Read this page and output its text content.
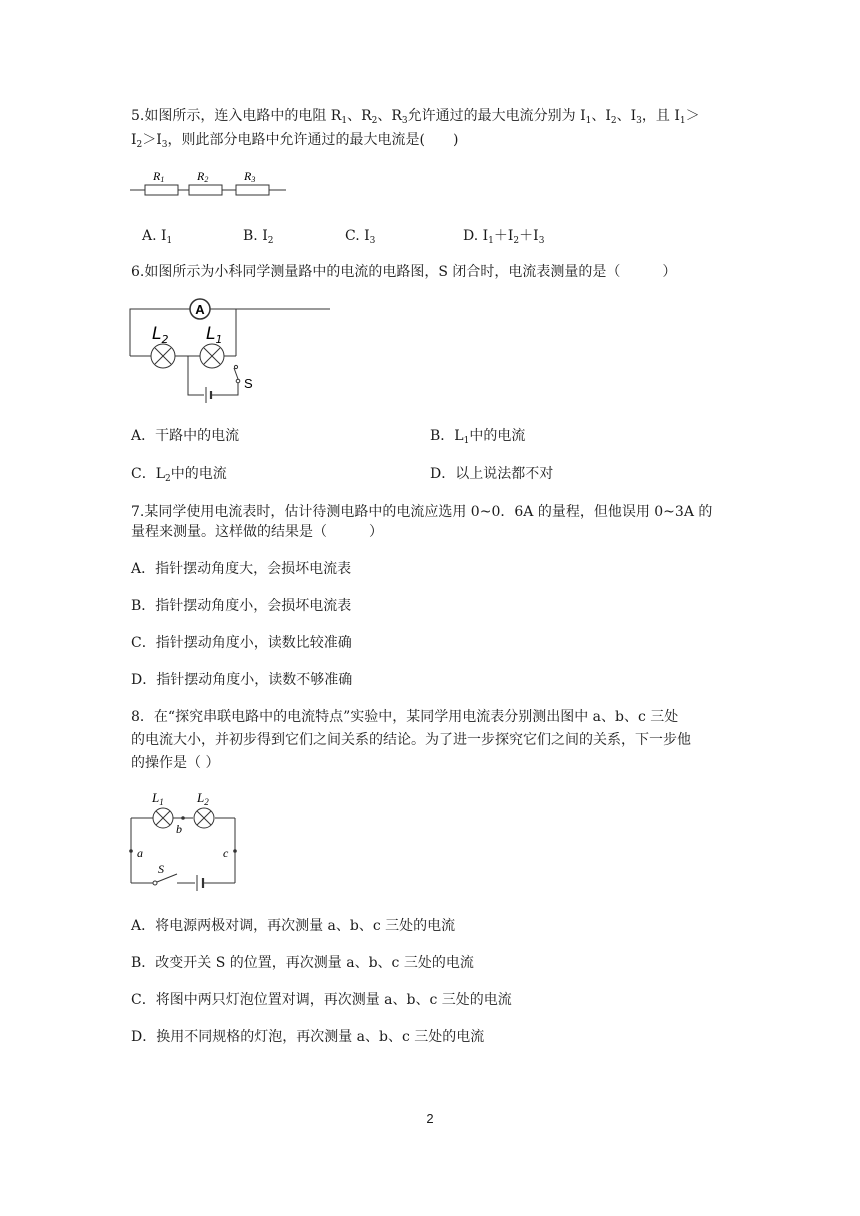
5.如图所示，连入电路中的电阻 $R_1$、$R_2$、$R_3$允许通过的最大电流分别为 $I_1$、$I_2$、$I_3$，且 $I_1>$
$I_2>I_3$，则此部分电路中允许通过的最大电流是(　　)
R1	R2	R3
A. $I_1$	B. $I_2$	C. $I_3$	D. $I_1+I_2+I_3$
6.如图所示为小科同学测量路中的电流的电路图，S 闭合时，电流表测量的是（　　　）
A
$L_2$ $L_1$
S
A．干路中的电流	B．$L_1$中的电流
C．$L_2$中的电流	D．以上说法都不对
7.某同学使用电流表时，估计待测电路中的电流应选用 0~0．6A 的量程，但他误用 0~3A 的
量程来测量。这样做的结果是（　　　）
A．指针摆动角度大，会损坏电流表
B．指针摆动角度小，会损坏电流表
C．指针摆动角度小，读数比较准确
D．指针摆动角度小，读数不够准确
8．在“探究串联电路中的电流特点”实验中，某同学用电流表分别测出图中 a、b、c 三处
的电流大小，并初步得到它们之间关系的结论。为了进一步探究它们之间的关系，下一步他
的操作是（ ）
$L_1$	$L_2$
b
a	c
S
A．将电源两极对调，再次测量 a、b、c 三处的电流
B．改变开关 S 的位置，再次测量 a、b、c 三处的电流
C．将图中两只灯泡位置对调，再次测量 a、b、c 三处的电流
D．换用不同规格的灯泡，再次测量 a、b、c 三处的电流
2
